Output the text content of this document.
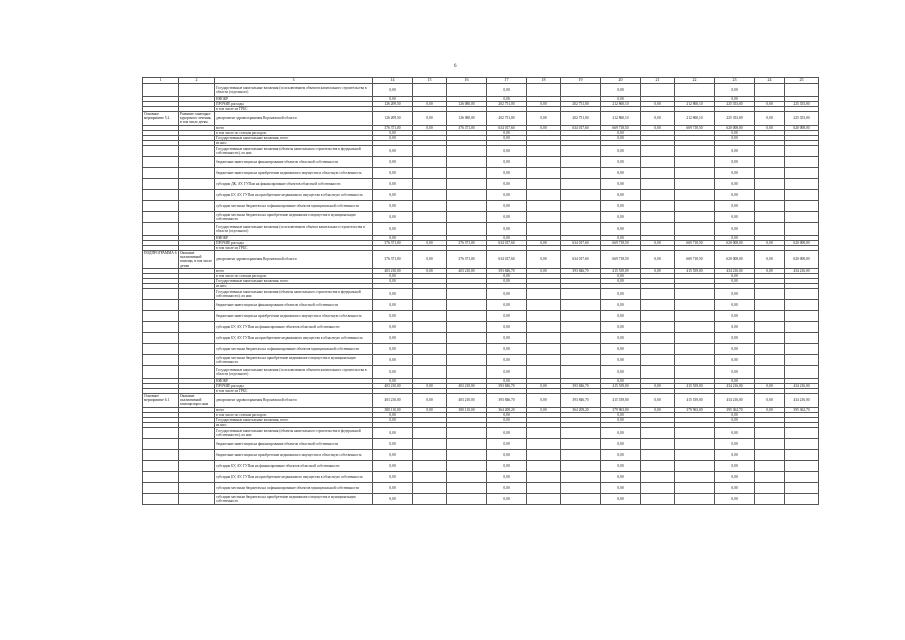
6
1	2	3	14	15	16	17	18	19	20	21	22	23	24	25
		Государственные капитальные вложения (за исключением объектов капитального строительства в области (отдельного)	0,00			0,00			0,00			0,00		
		НИОКР	0,00			0,00			0,00			0,00		
		ПРОЧИЕ расходы	126 209,50	0,00	126 080,00	202 751,00	0,00	202 751,00	212 860,10	0,00	212 860,10	225 353,00	0,00	225 353,00
		в том числе из ГРБС												
Основное мероприятие 5.2	Развитие санаторно-курортного лечения, в том числе детям	департамент здравоохранения Воронежской области	126 209,50	0,00	126 080,00	202 751,00	0,00	202 751,00	212 860,10	0,00	212 860,10	225 353,00	0,00	225 353,00
		всего	376 371,00	0,00	376 371,00	634 017,60	0,00	634 017,60	669 718,50	0,00	669 718,50	620 008,00	0,00	620 008,00
		в том числе по статьям расходов:	0,00			0,00			0,00			0,00		
		Государственные капитальные вложения, всего	0,00			0,00			0,00			0,00		
		из них:												
		Государственные капитальные вложения (объекты капитального строительства в федеральной собственности), из них:	0,00			0,00			0,00			0,00		
		бюджетные инвестиции на финансирование объектов областной собственности	0,00			0,00			0,00			0,00		
		бюджетные инвестиции на приобретение недвижимого имущества в областную собственность	0,00			0,00			0,00			0,00		
		субсидии ДК, АУ, ГУПам на финансирование объектов областной собственности	0,00			0,00			0,00			0,00		
		субсидии БУ, АУ, ГУПам на приобретение недвижимого имущества в областную собственность	0,00			0,00			0,00			0,00		
		субсидии местным бюджетам на софинансирование объектов муниципальной собственности	0,00			0,00			0,00			0,00		
		субсидии местным бюджетам на приобретение недвижимого имущества в муниципальную собственность	0,00			0,00			0,00			0,00		
		Государственные капитальные вложения (за исключением объекта капитального строительства в области (отдельного)	0,00			0,00			0,00			0,00		
		НИОКР	0,00			0,00			0,00			0,00		
		ПРОЧИЕ расходы	376 371,00	0,00	376 371,00	634 017,60	0,00	634 017,60	669 718,50	0,00	669 718,50	620 008,00	0,00	620 008,00
		в том числе из ГРБС												
ПОДПРОГРАММА 6	Оказание паллиативной помощи, в том числе детям	департамент здравоохранения Воронежской области	376 371,00	0,00	376 371,00	634 017,60	0,00	634 017,60	669 718,50	0,00	669 718,50	620 008,00	0,00	620 008,00
		всего	403 210,00	0,00	403 210,00	393 846,70	0,00	393 846,70	415 539,00	0,00	415 539,00	434 216,00	0,00	434 216,00
		в том числе по статьям расходов:	0,00			0,00			0,00			0,00		
		Государственные капитальные вложения, всего	0,00			0,00			0,00			0,00		
		из них:												
		Государственные капитальные вложения (объекты капитального строительства в федеральной собственности), из них:	0,00			0,00			0,00			0,00		
		бюджетные инвестиции на финансирование объектов областной собственности	0,00			0,00			0,00			0,00		
		бюджетные инвестиции на приобретение недвижимого имущества в областную собственность	0,00			0,00			0,00			0,00		
		субсидии БУ, АУ, ГУПам на финансирование объектов областной собственности	0,00			0,00			0,00			0,00		
		субсидии БУ, АУ, ГУПам на приобретение недвижимого имущества в областную собственность	0,00			0,00			0,00			0,00		
		субсидии местным бюджетам на софинансирование объектов муниципальной собственности	0,00			0,00			0,00			0,00		
		субсидии местным бюджетам на приобретение недвижимого имущества в муниципальную собственность	0,00			0,00			0,00			0,00		
		Государственные капитальные вложения (за исключением объектов капитального строительства в области (отдельного)	0,00			0,00			0,00			0,00		
		НИОКР	0,00			0,00			0,00			0,00		
		ПРОЧИЕ расходы	403 210,00	0,00	403 210,00	393 846,70	0,00	393 846,70	415 539,00	0,00	415 539,00	434 216,00	0,00	434 216,00
		в том числе из ГРБС												
Основное мероприятие 6.1	Оказание паллиативной помощи взрослым	департамент здравоохранения Воронежской области	403 210,00	0,00	403 210,00	393 846,70	0,00	393 846,70	415 539,00	0,00	415 539,00	434 216,00	0,00	434 216,00
		всего	380 110,00	0,00	380 110,00	364 208,20	0,00	364 208,20	379 963,00	0,00	379 963,00	395 362,70	0,00	395 362,70
		в том числе по статьям расходов:	0,00			0,00			0,00			0,00		
		Государственные капитальные вложения, всего	0,00			0,00			0,00			0,00		
		из них:												
		Государственные капитальные вложения (объекты капитального строительства в федеральной собственности), из них:	0,00			0,00			0,00			0,00		
		бюджетные инвестиции на финансирование объектов областной собственности	0,00			0,00			0,00			0,00		
		бюджетные инвестиции на приобретение недвижимого имущества в областную собственность	0,00			0,00			0,00			0,00		
		субсидии БУ, АУ, ГУПам на финансирование объектов областной собственности	0,00			0,00			0,00			0,00		
		субсидии БУ, АУ, ГУПам на приобретение недвижимого имущества в областную собственность	0,00			0,00			0,00			0,00		
		субсидии местным бюджетам на софинансирование объектов муниципальной собственности	0,00			0,00			0,00			0,00		
		субсидии местным бюджетам на приобретение недвижимого имущества в муниципальную собственность	0,00			0,00			0,00			0,00		
